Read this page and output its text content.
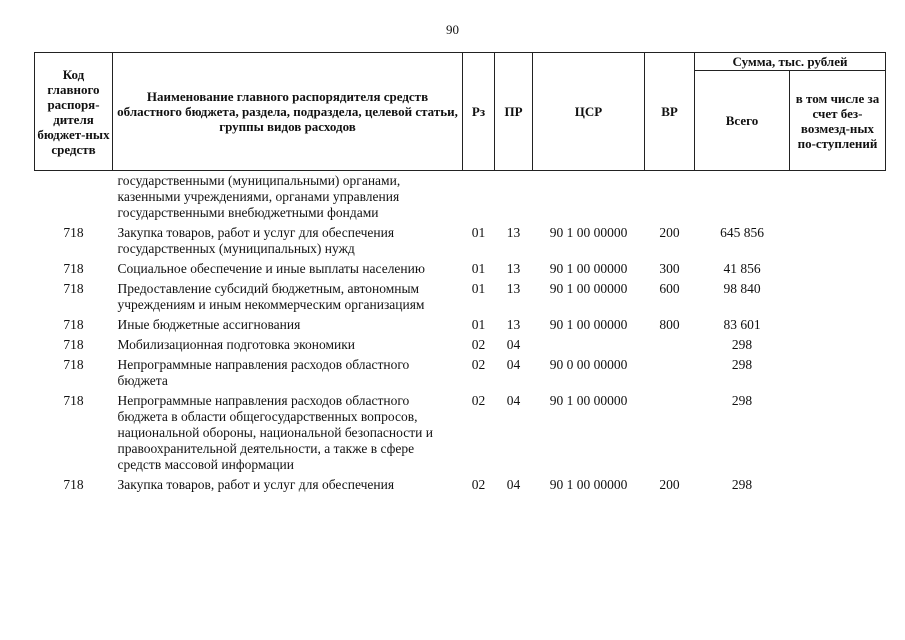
90
Код главного распоря-дителя бюджет-ных средств	Наименование главного распорядителя средств областного бюджета, раздела, подраздела, целевой статьи, группы видов расходов	Рз	ПР	ЦСР	ВР	Сумма, тыс. рублей	
						Всего	в том числе за счет без-возмезд-ных по-ступлений
	государственными (муниципальными) органами, казенными учреждениями, органами управления государственными внебюджетными фондами						
718	Закупка товаров, работ и услуг для обеспечения государственных (муниципальных) нужд	01	13	90 1 00 00000	200	645 856	
718	Социальное обеспечение и иные выплаты населению	01	13	90 1 00 00000	300	41 856	
718	Предоставление субсидий бюджетным, автономным учреждениям и иным некоммерческим организациям	01	13	90 1 00 00000	600	98 840	
718	Иные бюджетные ассигнования	01	13	90 1 00 00000	800	83 601	
718	Мобилизационная подготовка экономики	02	04			298	
718	Непрограммные направления расходов областного бюджета	02	04	90 0 00 00000		298	
718	Непрограммные направления расходов областного бюджета в области общегосударственных вопросов, национальной обороны, национальной безопасности и правоохранительной деятельности, а также в сфере средств массовой информации	02	04	90 1 00 00000		298	
718	Закупка товаров, работ и услуг для обеспечения	02	04	90 1 00 00000	200	298	
